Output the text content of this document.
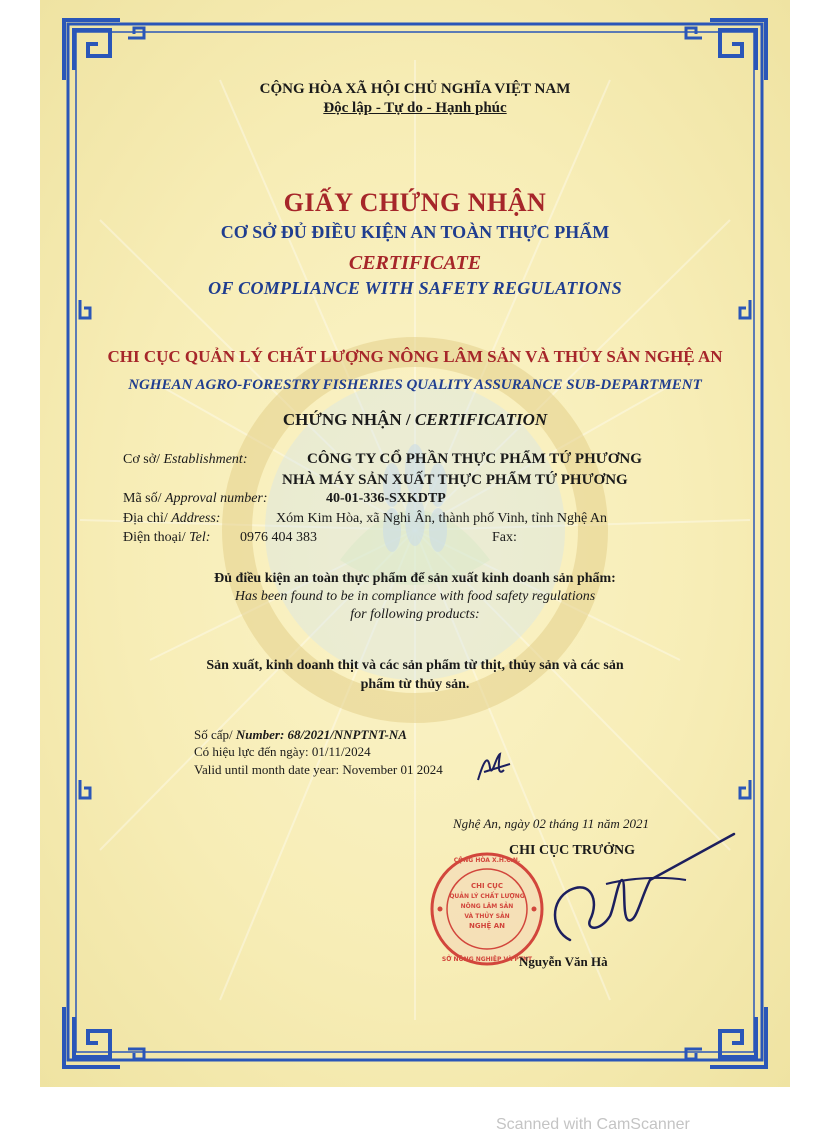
CỘNG HÒA XÃ HỘI CHỦ NGHĨA VIỆT NAM
Độc lập - Tự do - Hạnh phúc
GIẤY CHỨNG NHẬN
CƠ SỞ ĐỦ ĐIỀU KIỆN AN TOÀN THỰC PHẨM
CERTIFICATE
OF COMPLIANCE WITH SAFETY REGULATIONS
CHI CỤC QUẢN LÝ CHẤT LƯỢNG NÔNG LÂM SẢN VÀ THỦY SẢN NGHỆ AN
NGHEAN AGRO-FORESTRY FISHERIES QUALITY ASSURANCE SUB-DEPARTMENT
CHỨNG NHẬN / CERTIFICATION
Cơ sở/ Establishment:	CÔNG TY CỔ PHẦN THỰC PHẨM TỨ PHƯƠNG
NHÀ MÁY SẢN XUẤT THỰC PHẨM TỨ PHƯƠNG
Mã số/ Approval number:	40-01-336-SXKDTP
Địa chỉ/ Address:	Xóm Kim Hòa, xã Nghi Ân, thành phố Vinh, tỉnh Nghệ An
Điện thoại/ Tel: 0976 404 383	Fax:
Đủ điều kiện an toàn thực phẩm để sản xuất kinh doanh sản phẩm:
Has been found to be in compliance with food safety regulations
for following products:
Sản xuất, kinh doanh thịt và các sản phẩm từ thịt, thủy sản và các sản
phẩm từ thủy sản.
Số cấp/ Number: 68/2021/NNPTNT-NA
Có hiệu lực đến ngày: 01/11/2024
Valid until month date year: November 01 2024
Nghệ An, ngày 02 tháng 11 năm 2021
CHI CỤC TRƯỞNG
CỘNG HÒA X.H.C.N.
SỞ NÔNG NGHIỆP VÀ PTNT
CHI CỤC
QUẢN LÝ CHẤT LƯỢNG
NÔNG LÂM SẢN
VÀ THỦY SẢN
NGHỆ AN
Nguyễn Văn Hà
Scanned with CamScanner
